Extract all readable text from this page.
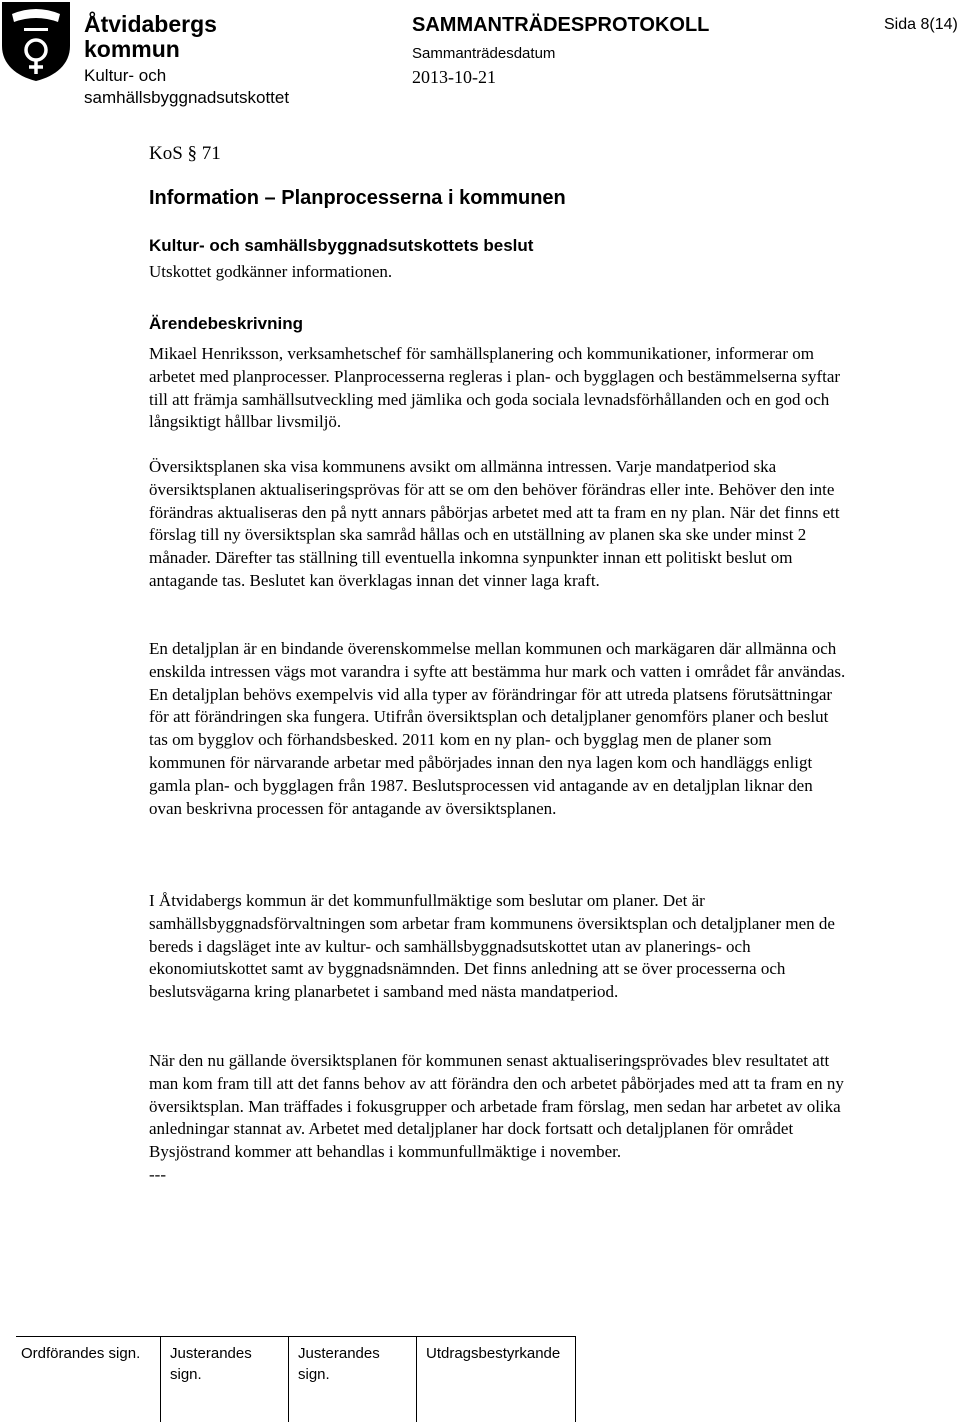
Åtvidabergs
kommun
Kultur- och
samhällsbyggnadsutskottet
SAMMANTRÄDESPROTOKOLL
Sammanträdesdatum
2013-10-21
Sida 8(14)
KoS § 71
Information – Planprocesserna i kommunen
Kultur- och samhällsbyggnadsutskottets beslut
Utskottet godkänner informationen.
Ärendebeskrivning

Mikael Henriksson, verksamhetschef för samhällsplanering och kommunikationer, informerar om arbetet med planprocesser. Planprocesserna regleras i plan- och bygglagen och bestämmelserna syftar till att främja samhällsutveckling med jämlika och goda sociala levnadsförhållanden och en god och långsiktigt hållbar livsmiljö.

Översiktsplanen ska visa kommunens avsikt om allmänna intressen. Varje mandatperiod ska översiktsplanen aktualiseringsprövas för att se om den behöver förändras eller inte. Behöver den inte förändras aktualiseras den på nytt annars påbörjas arbetet med att ta fram en ny plan. När det finns ett förslag till ny översiktsplan ska samråd hållas och en utställning av planen ska ske under minst 2 månader. Därefter tas ställning till eventuella inkomna synpunkter innan ett politiskt beslut om antagande tas. Beslutet kan överklagas innan det vinner laga kraft.

En detaljplan är en bindande överenskommelse mellan kommunen och markägaren där allmänna och enskilda intressen vägs mot varandra i syfte att bestämma hur mark och vatten i området får användas. En detaljplan behövs exempelvis vid alla typer av förändringar för att utreda platsens förutsättningar för att förändringen ska fungera. Utifrån översiktsplan och detaljplaner genomförs planer och beslut tas om bygglov och förhandsbesked. 2011 kom en ny plan- och bygglag men de planer som kommunen för närvarande arbetar med påbörjades innan den nya lagen kom och handläggs enligt gamla plan- och bygglagen från 1987. Beslutsprocessen vid antagande av en detaljplan liknar den ovan beskrivna processen för antagande av översiktsplanen.

I Åtvidabergs kommun är det kommunfullmäktige som beslutar om planer. Det är samhällsbyggnadsförvaltningen som arbetar fram kommunens översiktsplan och detaljplaner men de bereds i dagsläget inte av kultur- och samhällsbyggnadsutskottet utan av planerings- och ekonomiutskottet samt av byggnadsnämnden. Det finns anledning att se över processerna och beslutsvägarna kring planarbetet i samband med nästa mandatperiod.

När den nu gällande översiktsplanen för kommunen senast aktualiseringsprövades blev resultatet att man kom fram till att det fanns behov av att förändra den och arbetet påbörjades med att ta fram en ny översiktsplan. Man träffades i fokusgrupper och arbetade fram förslag, men sedan har arbetet av olika anledningar stannat av. Arbetet med detaljplaner har dock fortsatt och detaljplanen för området Bysjöstrand kommer att behandlas i kommunfullmäktige i november.

---
Ordförandes sign. Justerandes
sign.
Justerandes
sign.
Utdragsbestyrkande
